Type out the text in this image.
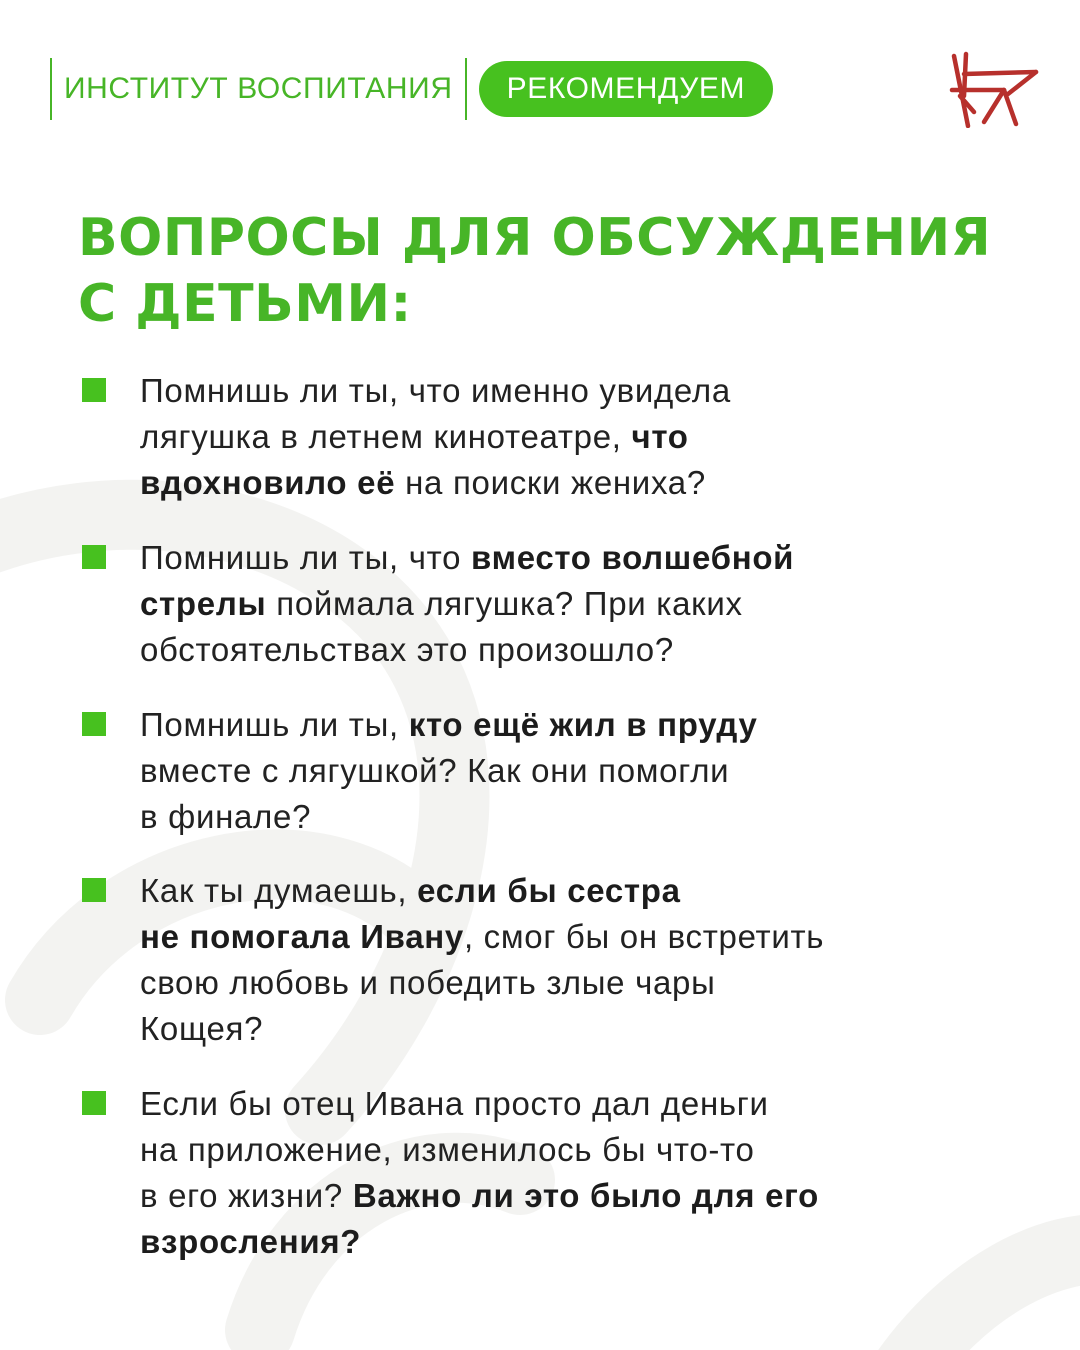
ИНСТИТУТ ВОСПИТАНИЯ	РЕКОМЕНДУЕМ
ВОПРОСЫ ДЛЯ ОБСУЖДЕНИЯ
С ДЕТЬМИ:
Помнишь ли ты, что именно увидела
лягушка в летнем кинотеатре, что
вдохновило её на поиски жениха?
Помнишь ли ты, что вместо волшебной
стрелы поймала лягушка? При каких
обстоятельствах это произошло?
Помнишь ли ты, кто ещё жил в пруду
вместе с лягушкой? Как они помогли
в финале?
Как ты думаешь, если бы сестра
не помогала Ивану, смог бы он встретить
свою любовь и победить злые чары
Кощея?
Если бы отец Ивана просто дал деньги
на приложение, изменилось бы что-то
в его жизни? Важно ли это было для его
взросления?
